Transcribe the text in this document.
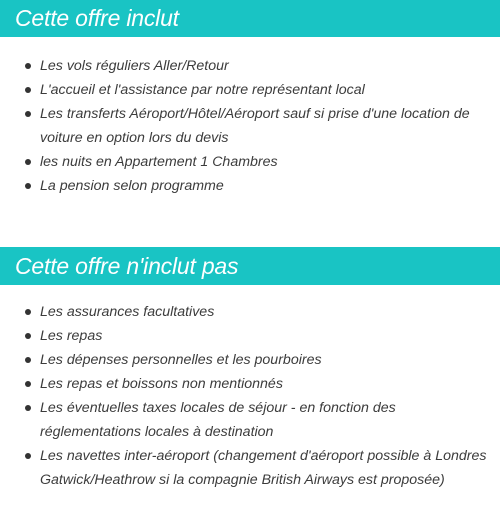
Cette offre inclut
Les vols réguliers Aller/Retour
L'accueil et l'assistance par notre représentant local
Les transferts Aéroport/Hôtel/Aéroport sauf si prise d'une location de voiture en option lors du devis
les nuits en Appartement 1 Chambres
La pension selon programme
Cette offre n'inclut pas
Les assurances facultatives
Les repas
Les dépenses personnelles et les pourboires
Les repas et boissons non mentionnés
Les éventuelles taxes locales de séjour - en fonction des réglementations locales à destination
Les navettes inter-aéroport (changement d'aéroport possible à Londres Gatwick/Heathrow si la compagnie British Airways est proposée)
